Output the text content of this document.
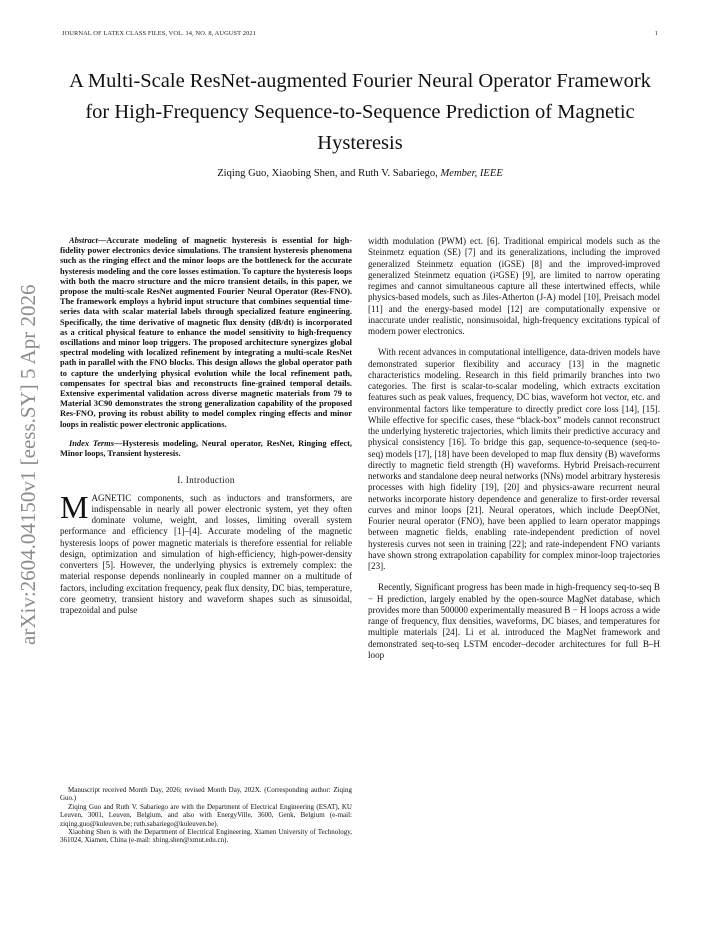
JOURNAL OF LATEX CLASS FILES, VOL. 14, NO. 8, AUGUST 2021	1
arXiv:2604.04150v1 [eess.SY] 5 Apr 2026
A Multi-Scale ResNet-augmented Fourier Neural Operator Framework for High-Frequency Sequence-to-Sequence Prediction of Magnetic Hysteresis
Ziqing Guo, Xiaobing Shen, and Ruth V. Sabariego, Member, IEEE

Abstract—Accurate modeling of magnetic hysteresis is essential for high-fidelity power electronics device simulations. The transient hysteresis phenomena such as the ringing effect and the minor loops are the bottleneck for the accurate hysteresis modeling and the core losses estimation. To capture the hysteresis loops with both the macro structure and the micro transient details, in this paper, we propose the multi-scale ResNet augmented Fourier Neural Operator (Res-FNO). The framework employs a hybrid input structure that combines sequential time-series data with scalar material labels through specialized feature engineering. Specifically, the time derivative of magnetic flux density (dB/dt) is incorporated as a critical physical feature to enhance the model sensitivity to high-frequency oscillations and minor loop triggers. The proposed architecture synergizes global spectral modeling with localized refinement by integrating a multi-scale ResNet path in parallel with the FNO blocks. This design allows the global operator path to capture the underlying physical evolution while the local refinement path, compensates for spectral bias and reconstructs fine-grained temporal details. Extensive experimental validation across diverse magnetic materials from 79 to Material 3C90 demonstrates the strong generalization capability of the proposed Res-FNO, proving its robust ability to model complex ringing effects and minor loops in realistic power electronic applications.

Index Terms—Hysteresis modeling, Neural operator, ResNet, Ringing effect, Minor loops, Transient hysteresis.

I. Introduction

MAGNETIC components, such as inductors and transformers, are indispensable in nearly all power electronic system, yet they often dominate volume, weight, and losses, limiting overall system performance and efficiency [1]–[4]. Accurate modeling of the magnetic hysteresis loops of power magnetic materials is therefore essential for reliable design, optimization and simulation of high-efficiency, high-power-density converters [5]. However, the underlying physics is extremely complex: the material response depends nonlinearly in coupled manner on a multitude of factors, including excitation frequency, peak flux density, DC bias, temperature, core geometry, transient history and waveform shapes such as sinusoidal, trapezoidal and pulse

width modulation (PWM) ect. [6]. Traditional empirical models such as the Steinmetz equation (SE) [7] and its generalizations, including the improved generalized Steinmetz equation (iGSE) [8] and the improved-improved generalized Steinmetz equation (i²GSE) [9], are limited to narrow operating regimes and cannot simultaneous capture all these intertwined effects, while physics-based models, such as Jiles-Atherton (J-A) model [10], Preisach model [11] and the energy-based model [12] are computationally expensive or inaccurate under realistic, nonsinusoidal, high-frequency excitations typical of modern power electronics.

With recent advances in computational intelligence, data-driven models have demonstrated superior flexibility and accuracy [13] in the magnetic characteristics modeling. Research in this field primarily branches into two categories. The first is scalar-to-scalar modeling, which extracts excitation features such as peak values, frequency, DC bias, waveform hot vector, etc. and environmental factors like temperature to directly predict core loss [14], [15]. While effective for specific cases, these “black-box” models cannot reconstruct the underlying hysteretic trajectories, which limits their predictive accuracy and physical consistency [16]. To bridge this gap, sequence-to-sequence (seq-to-seq) models [17], [18] have been developed to map flux density (B) waveforms directly to magnetic field strength (H) waveforms. Hybrid Preisach-recurrent networks and standalone deep neural networks (NNs) model arbitrary hysteresis processes with high fidelity [19], [20] and physics-aware recurrent neural networks incorporate history dependence and generalize to first-order reversal curves and minor loops [21]. Neural operators, which include DeepONet, Fourier neural operator (FNO), have been applied to learn operator mappings between magnetic fields, enabling rate-independent prediction of novel hysteresis curves not seen in training [22]; and rate-independent FNO variants have shown strong extrapolation capability for complex minor-loop trajectories [23].

Recently, Significant progress has been made in high-frequency seq-to-seq B − H prediction, largely enabled by the open-source MagNet database, which provides more than 500000 experimentally measured B − H loops across a wide range of frequency, flux densities, waveforms, DC biases, and temperatures for multiple materials [24]. Li et al. introduced the MagNet framework and demonstrated seq-to-seq LSTM encoder–decoder architectures for full B–H loop

Manuscript received Month Day, 2026; revised Month Day, 202X. (Corresponding author: Ziqing Guo.)

Ziqing Guo and Ruth V. Sabariego are with the Department of Electrical Engineering (ESAT), KU Leuven, 3001, Leuven, Belgium, and also with EnergyVille, 3600, Genk, Belgium (e-mail: ziqing.guo@kuleuven.be; ruth.sabariego@kuleuven.be).

Xiaobing Shen is with the Department of Electrical Engineering, Xiamen University of Technology, 361024, Xiamen, China (e-mail: xbing.shen@xmut.edu.cn).
